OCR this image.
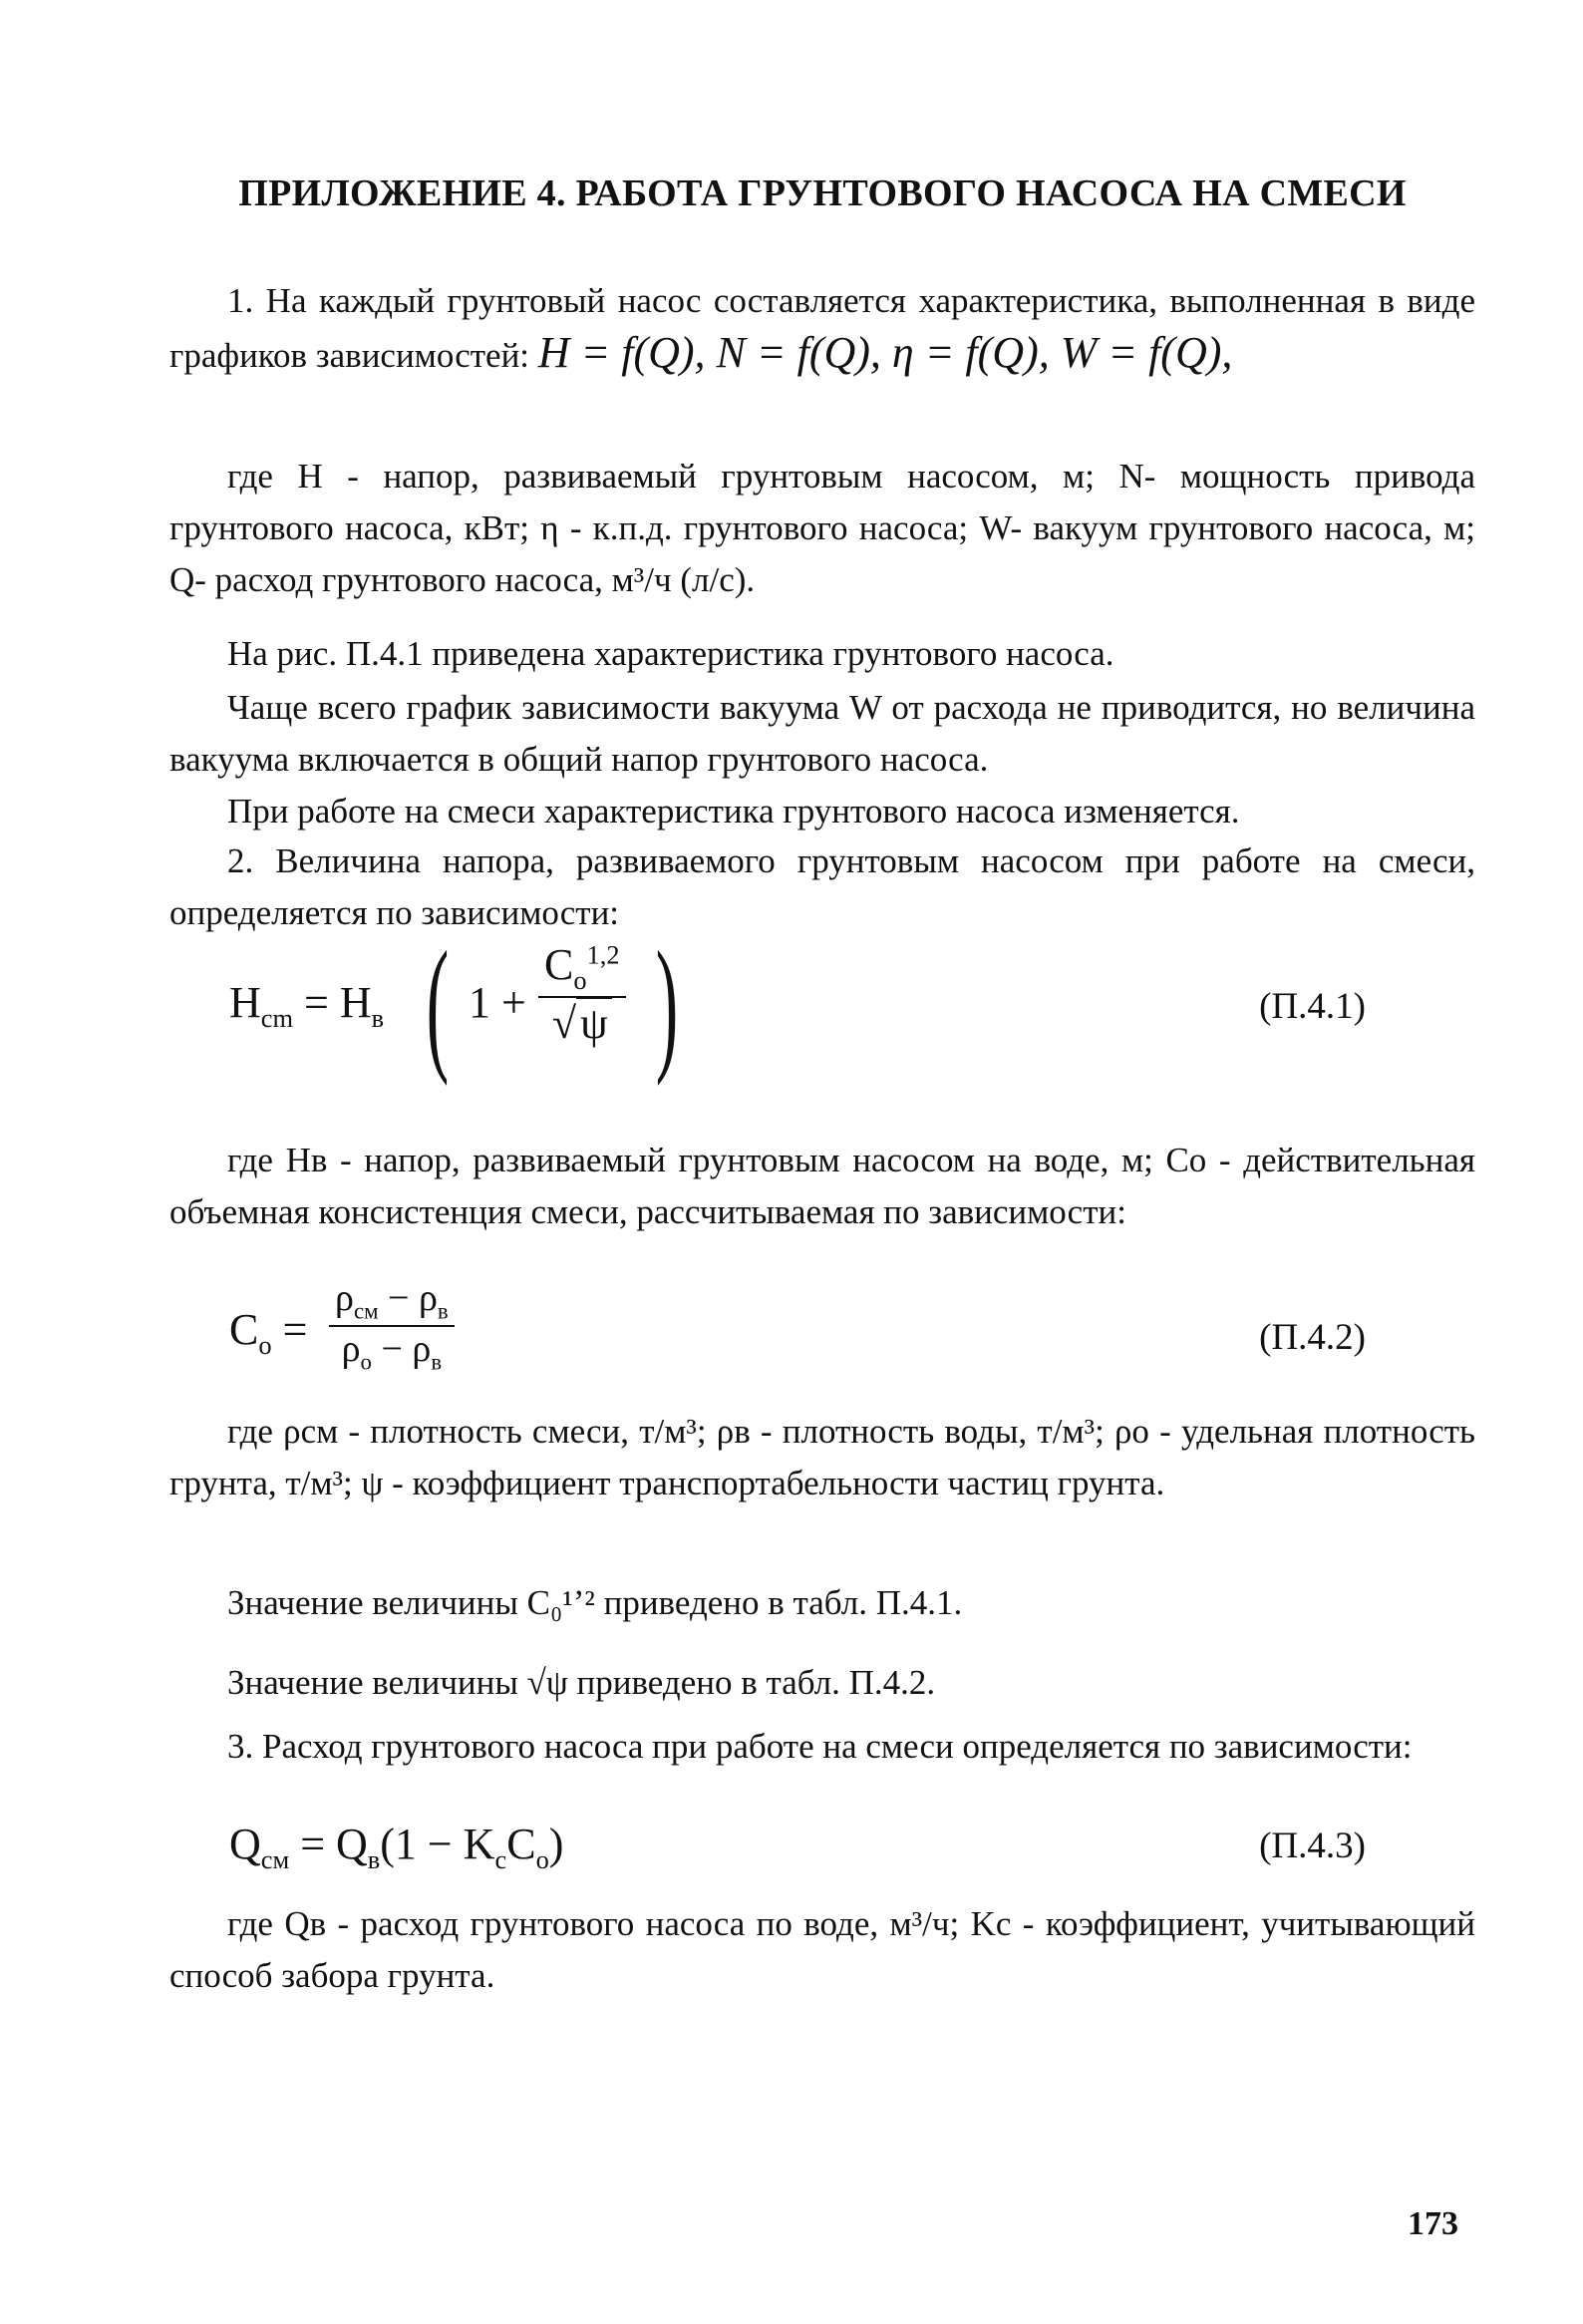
ПРИЛОЖЕНИЕ 4. РАБОТА ГРУНТОВОГО НАСОСА НА СМЕСИ
1. На каждый грунтовый насос составляется характеристика, выполненная в виде графиков зависимостей: H = f(Q), N = f(Q), η = f(Q), W = f(Q),
где H - напор, развиваемый грунтовым насосом, м; N- мощность привода грунтового насоса, кВт; η - к.п.д. грунтового насоса; W- вакуум грунтового насоса, м; Q- расход грунтового насоса, м³/ч (л/с).
На рис. П.4.1 приведена характеристика грунтового насоса.
Чаще всего график зависимости вакуума W от расхода не приводится, но величина вакуума включается в общий напор грунтового насоса.
При работе на смеси характеристика грунтового насоса изменяется.
2. Величина напора, развиваемого грунтовым насосом при работе на смеси, определяется по зависимости:
$H_{cm} = H_в$ ( 1 +
$C_о^{1,2}$
√ψ )	(П.4.1)
где Hв - напор, развиваемый грунтовым насосом на воде, м; Cо - действительная объемная консистенция смеси, рассчитываемая по зависимости:
$C_о$ =
$\rho_{см} - \rho_в$
$\rho_о - \rho_в$
(П.4.2)
где ρсм - плотность смеси, т/м³; ρв - плотность воды, т/м³; ρо - удельная плотность грунта, т/м³; ψ - коэффициент транспортабельности частиц грунта.
Значение величины C₀¹ʼ² приведено в табл. П.4.1.
Значение величины √ψ приведено в табл. П.4.2.
3. Расход грунтового насоса при работе на смеси определяется по зависимости:
$Q_{см} = Q_в(1 - K_сC_о)$	(П.4.3)
где Qв - расход грунтового насоса по воде, м³/ч; Kс - коэффициент, учитывающий способ забора грунта.
173
